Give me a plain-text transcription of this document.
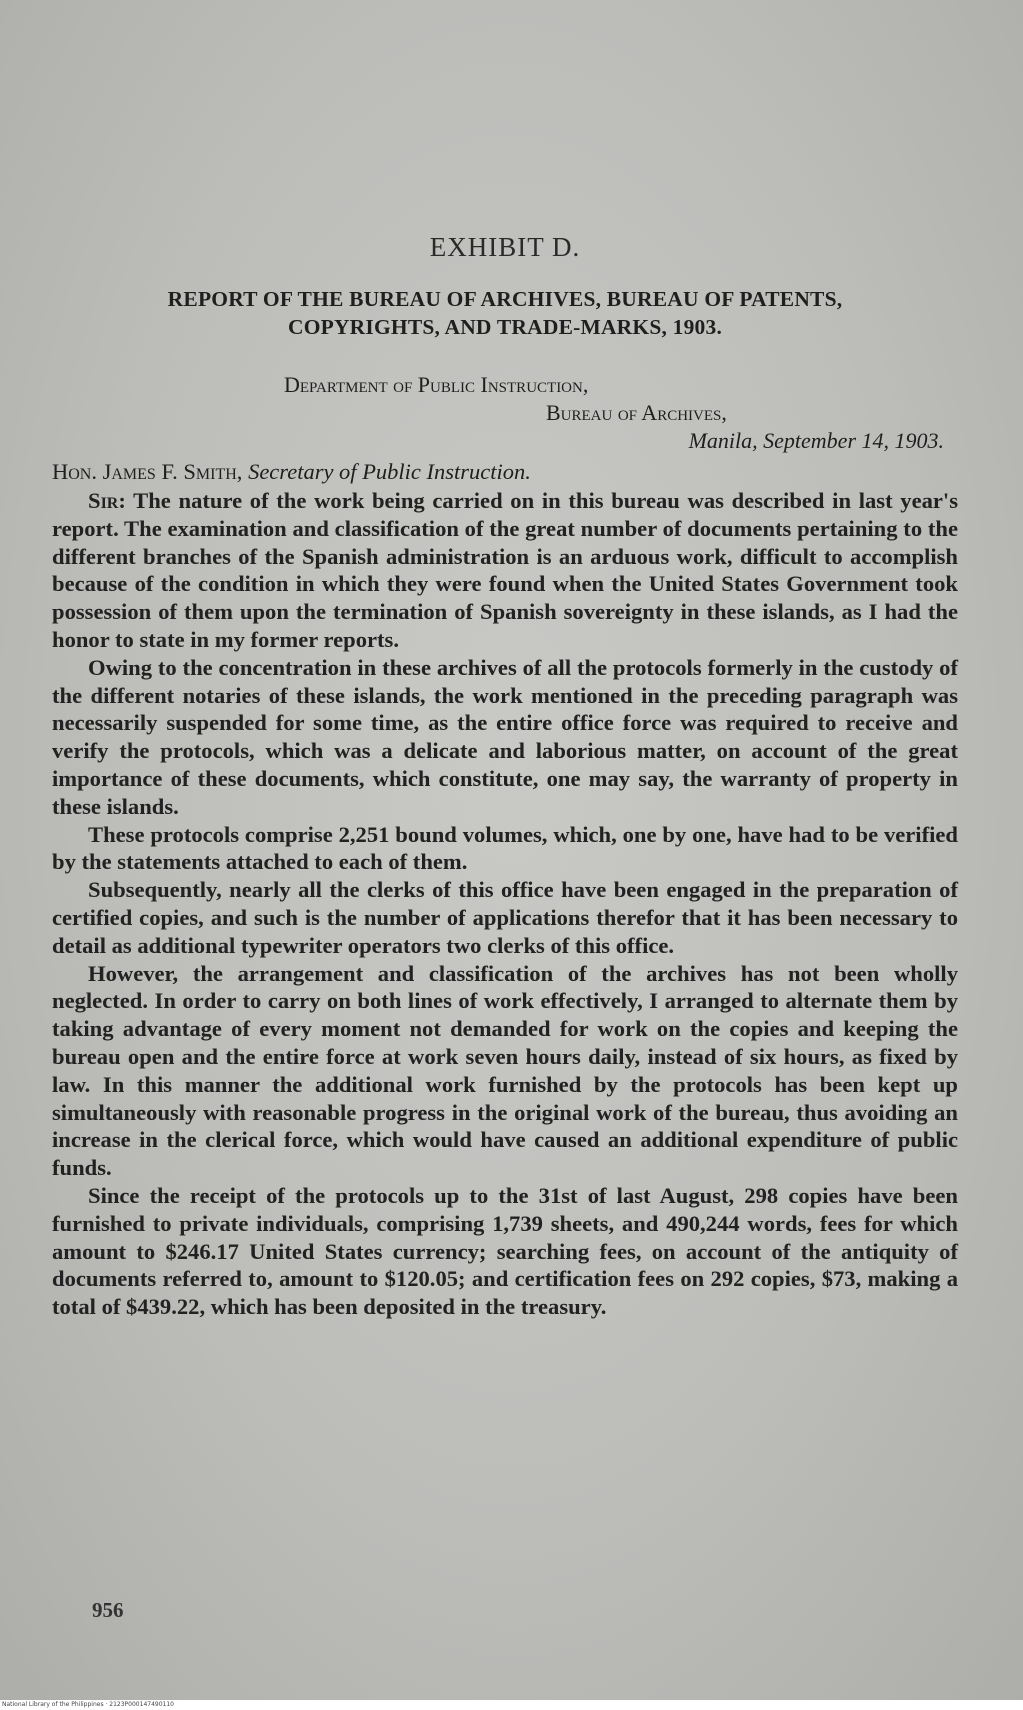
EXHIBIT D.
REPORT OF THE BUREAU OF ARCHIVES, BUREAU OF PATENTS,
COPYRIGHTS, AND TRADE-MARKS, 1903.
Department of Public Instruction,
Bureau of Archives,
Manila, September 14, 1903.
Hon. James F. Smith, Secretary of Public Instruction.

Sir: The nature of the work being carried on in this bureau was described in last year's report. The examination and classification of the great number of documents pertaining to the different branches of the Spanish administration is an arduous work, difficult to accomplish because of the condition in which they were found when the United States Government took possession of them upon the termination of Spanish sovereignty in these islands, as I had the honor to state in my former reports.

Owing to the concentration in these archives of all the protocols formerly in the custody of the different notaries of these islands, the work mentioned in the preceding paragraph was necessarily suspended for some time, as the entire office force was required to receive and verify the protocols, which was a delicate and laborious matter, on account of the great importance of these documents, which constitute, one may say, the warranty of property in these islands.

These protocols comprise 2,251 bound volumes, which, one by one, have had to be verified by the statements attached to each of them.

Subsequently, nearly all the clerks of this office have been engaged in the preparation of certified copies, and such is the number of applications therefor that it has been necessary to detail as additional typewriter operators two clerks of this office.

However, the arrangement and classification of the archives has not been wholly neglected. In order to carry on both lines of work effectively, I arranged to alternate them by taking advantage of every moment not demanded for work on the copies and keeping the bureau open and the entire force at work seven hours daily, instead of six hours, as fixed by law. In this manner the additional work furnished by the protocols has been kept up simultaneously with reasonable progress in the original work of the bureau, thus avoiding an increase in the clerical force, which would have caused an additional expenditure of public funds.

Since the receipt of the protocols up to the 31st of last August, 298 copies have been furnished to private individuals, comprising 1,739 sheets, and 490,244 words, fees for which amount to $246.17 United States currency; searching fees, on account of the antiquity of documents referred to, amount to $120.05; and certification fees on 292 copies, $73, making a total of $439.22, which has been deposited in the treasury.

956
National Library of the Philippines · 2123P000147490110
